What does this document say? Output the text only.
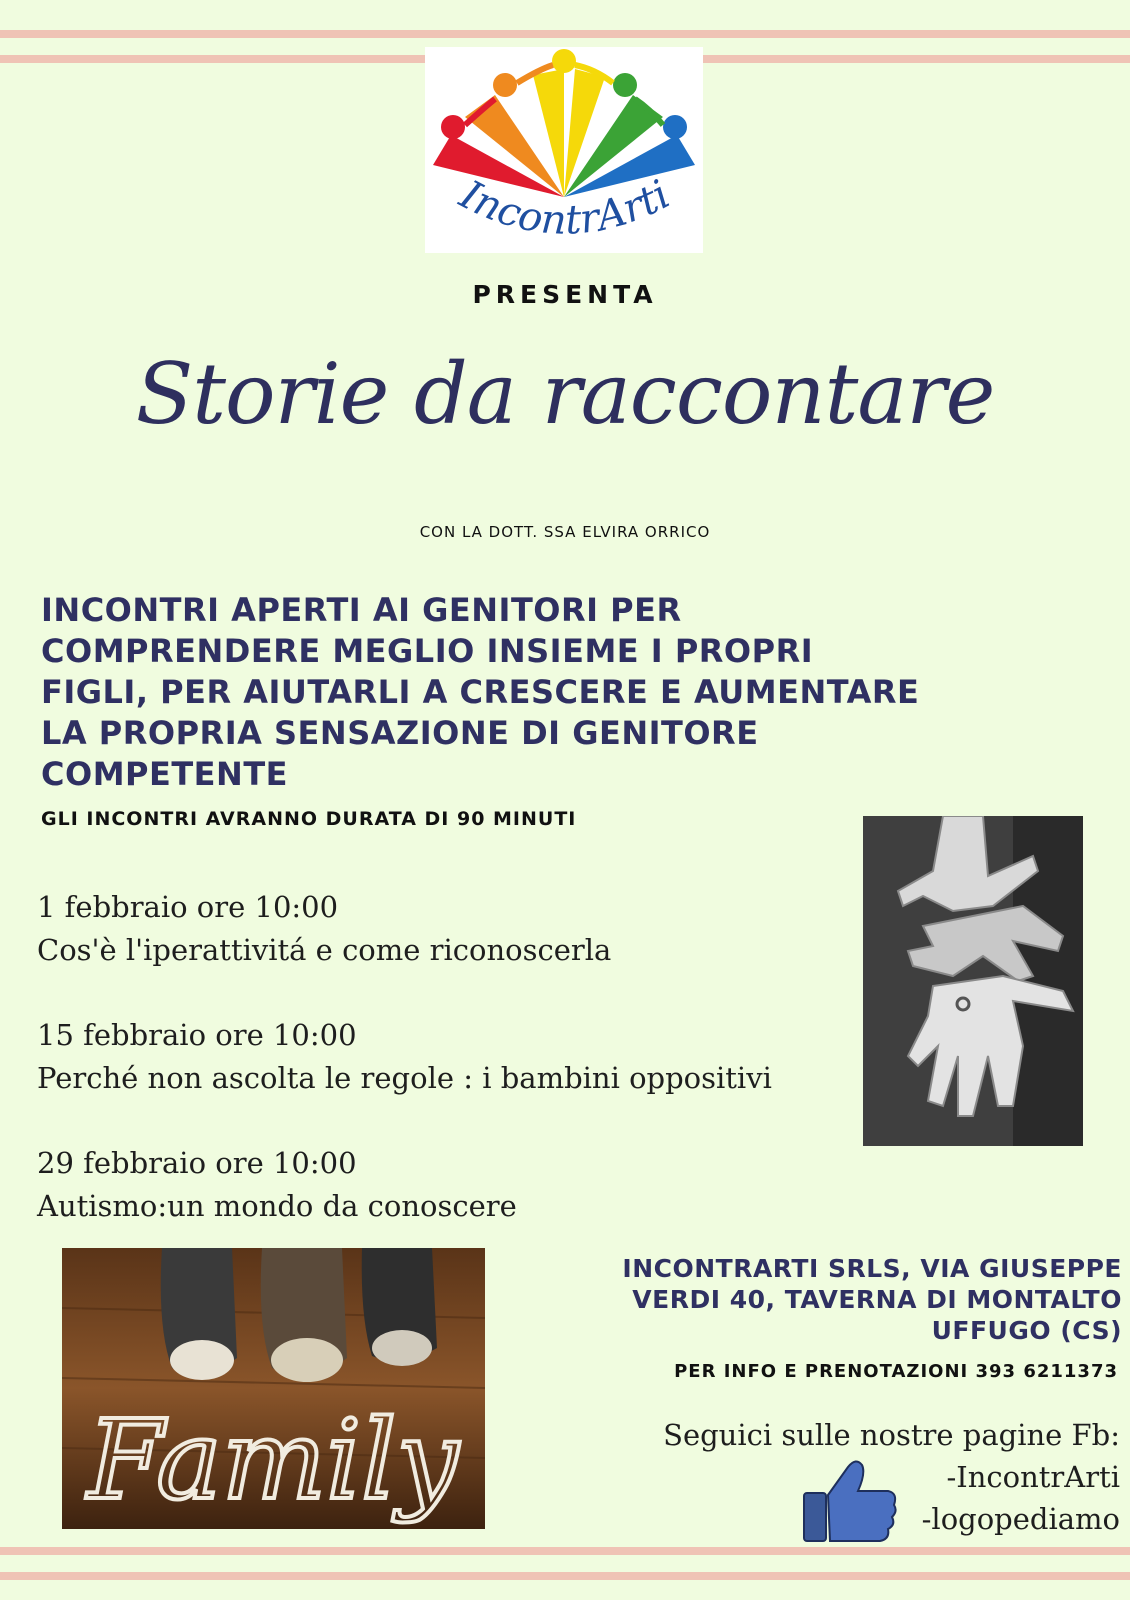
IncontrArti
PRESENTA
Storie da raccontare
CON LA DOTT. SSA ELVIRA ORRICO
INCONTRI APERTI AI GENITORI PER
COMPRENDERE MEGLIO INSIEME I PROPRI
FIGLI, PER AIUTARLI A CRESCERE E AUMENTARE
LA PROPRIA SENSAZIONE DI GENITORE
COMPETENTE
GLI INCONTRI AVRANNO DURATA DI 90 MINUTI
1 febbraio ore 10:00
Cos'è l'iperattivitá e come riconoscerla
15 febbraio ore 10:00
Perché non ascolta le regole : i bambini oppositivi
29 febbraio ore 10:00
Autismo:un mondo da conoscere
Family
INCONTRARTI SRLS, VIA GIUSEPPE
VERDI 40, TAVERNA DI MONTALTO
UFFUGO (CS)
PER INFO E PRENOTAZIONI 393 6211373
Seguici sulle nostre pagine Fb:
-IncontrArti
-logopediamo
